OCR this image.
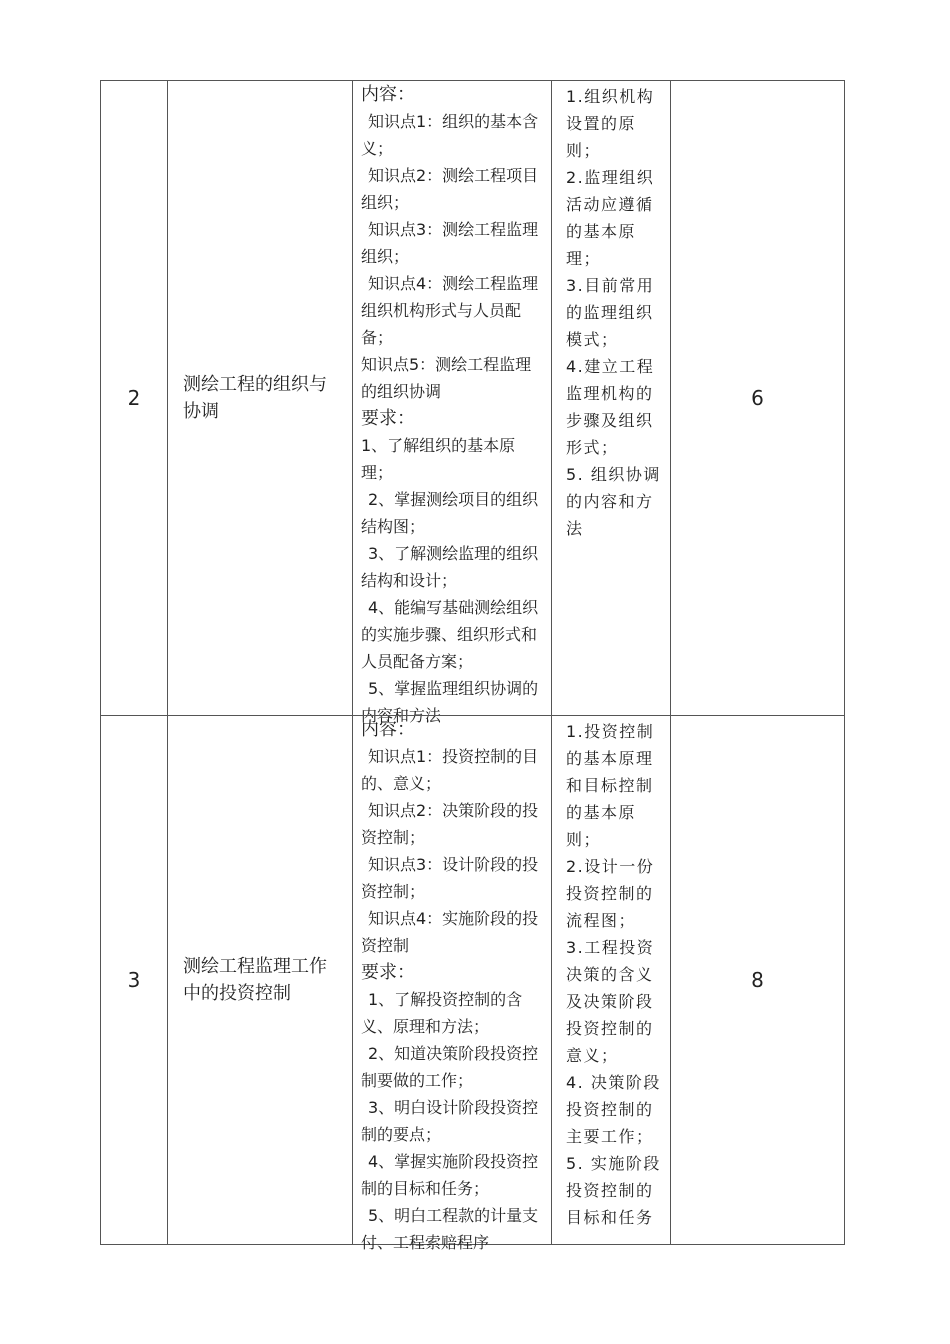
2
测绘工程的组织与协调
内容：
知识点1：组织的基本含义；
知识点2：测绘工程项目组织；
知识点3：测绘工程监理组织；
知识点4：测绘工程监理组织机构形式与人员配备；
知识点5：测绘工程监理的组织协调
要求：
1、了解组织的基本原理；
2、掌握测绘项目的组织结构图；
3、了解测绘监理的组织结构和设计；
4、能编写基础测绘组织的实施步骤、组织形式和人员配备方案；
5、掌握监理组织协调的内容和方法
1.组织机构设置的原则；
2.监理组织活动应遵循的基本原理；
3.目前常用的监理组织模式；
4.建立工程监理机构的步骤及组织形式；
5. 组织协调的内容和方法
6
3
测绘工程监理工作中的投资控制
内容：
知识点1：投资控制的目的、意义；
知识点2：决策阶段的投资控制；
知识点3：设计阶段的投资控制；
知识点4：实施阶段的投资控制
要求：
1、了解投资控制的含义、原理和方法；
2、知道决策阶段投资控制要做的工作；
3、明白设计阶段投资控制的要点；
4、掌握实施阶段投资控制的目标和任务；
5、明白工程款的计量支付、工程索赔程序
1.投资控制的基本原理和目标控制的基本原则；
2.设计一份投资控制的流程图；
3.工程投资决策的含义及决策阶段投资控制的意义；
4. 决策阶段投资控制的主要工作；
5. 实施阶段投资控制的目标和任务
8
